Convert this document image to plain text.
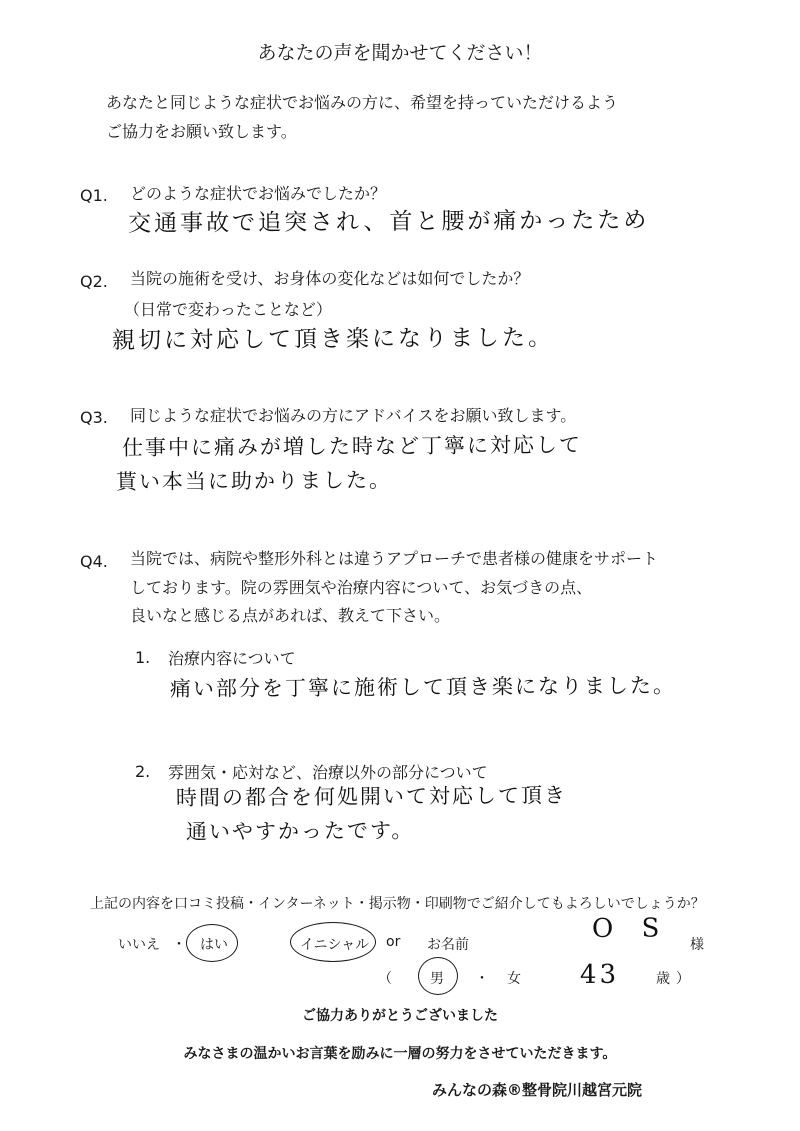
あなたの声を聞かせてください！
あなたと同じような症状でお悩みの方に、希望を持っていただけるよう
ご協力をお願い致します。
Q1. どのような症状でお悩みでしたか？
交通事故で追突され、首と腰が痛かったため
Q2. 当院の施術を受け、お身体の変化などは如何でしたか？
（日常で変わったことなど）
親切に対応して頂き楽になりました。
Q3. 同じような症状でお悩みの方にアドバイスをお願い致します。
仕事中に痛みが増した時など丁寧に対応して
貰い本当に助かりました。
Q4. 当院では、病院や整形外科とは違うアプローチで患者様の健康をサポート
しております。院の雰囲気や治療内容について、お気づきの点、
良いなと感じる点があれば、教えて下さい。
1. 治療内容について
痛い部分を丁寧に施術して頂き楽になりました。
2. 雰囲気・応対など、治療以外の部分について
時間の都合を何処開いて対応して頂き
通いやすかったです。
上記の内容を口コミ投稿・インターネット・掲示物・印刷物でご紹介してもよろしいでしょうか？
いいえ ・ はい	イニシャル or お名前
O S
様
（	男 ・ 女 43	歳 ）
ご協力ありがとうございました
みなさまの温かいお言葉を励みに一層の努力をさせていただきます。
みんなの森®整骨院川越宮元院
